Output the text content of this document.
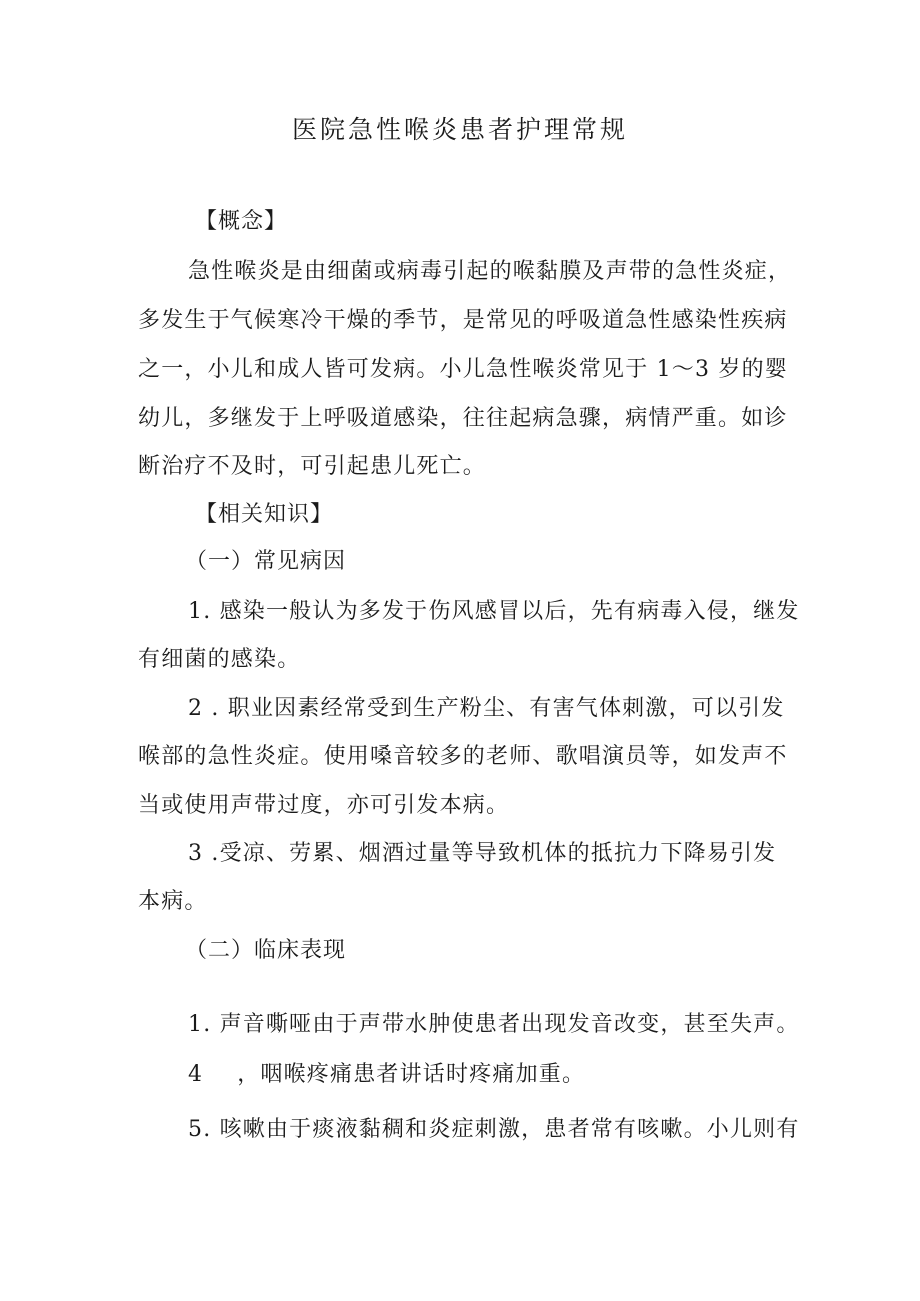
医院急性喉炎患者护理常规
【概念】
急性喉炎是由细菌或病毒引起的喉黏膜及声带的急性炎症，
多发生于气候寒冷干燥的季节，是常见的呼吸道急性感染性疾病
之一，小儿和成人皆可发病。小儿急性喉炎常见于 1～3 岁的婴
幼儿，多继发于上呼吸道感染，往往起病急骤，病情严重。如诊
断治疗不及时，可引起患儿死亡。
【相关知识】
（一）常见病因
1. 感染一般认为多发于伤风感冒以后，先有病毒入侵，继发
有细菌的感染。
2 . 职业因素经常受到生产粉尘、有害气体刺激，可以引发
喉部的急性炎症。使用嗓音较多的老师、歌唱演员等，如发声不
当或使用声带过度，亦可引发本病。
3 .受凉、劳累、烟酒过量等导致机体的抵抗力下降易引发
本病。
（二）临床表现
1. 声音嘶哑由于声带水肿使患者出现发音改变，甚至失声。
4 ，咽喉疼痛患者讲话时疼痛加重。
5. 咳嗽由于痰液黏稠和炎症刺激，患者常有咳嗽。小儿则有
